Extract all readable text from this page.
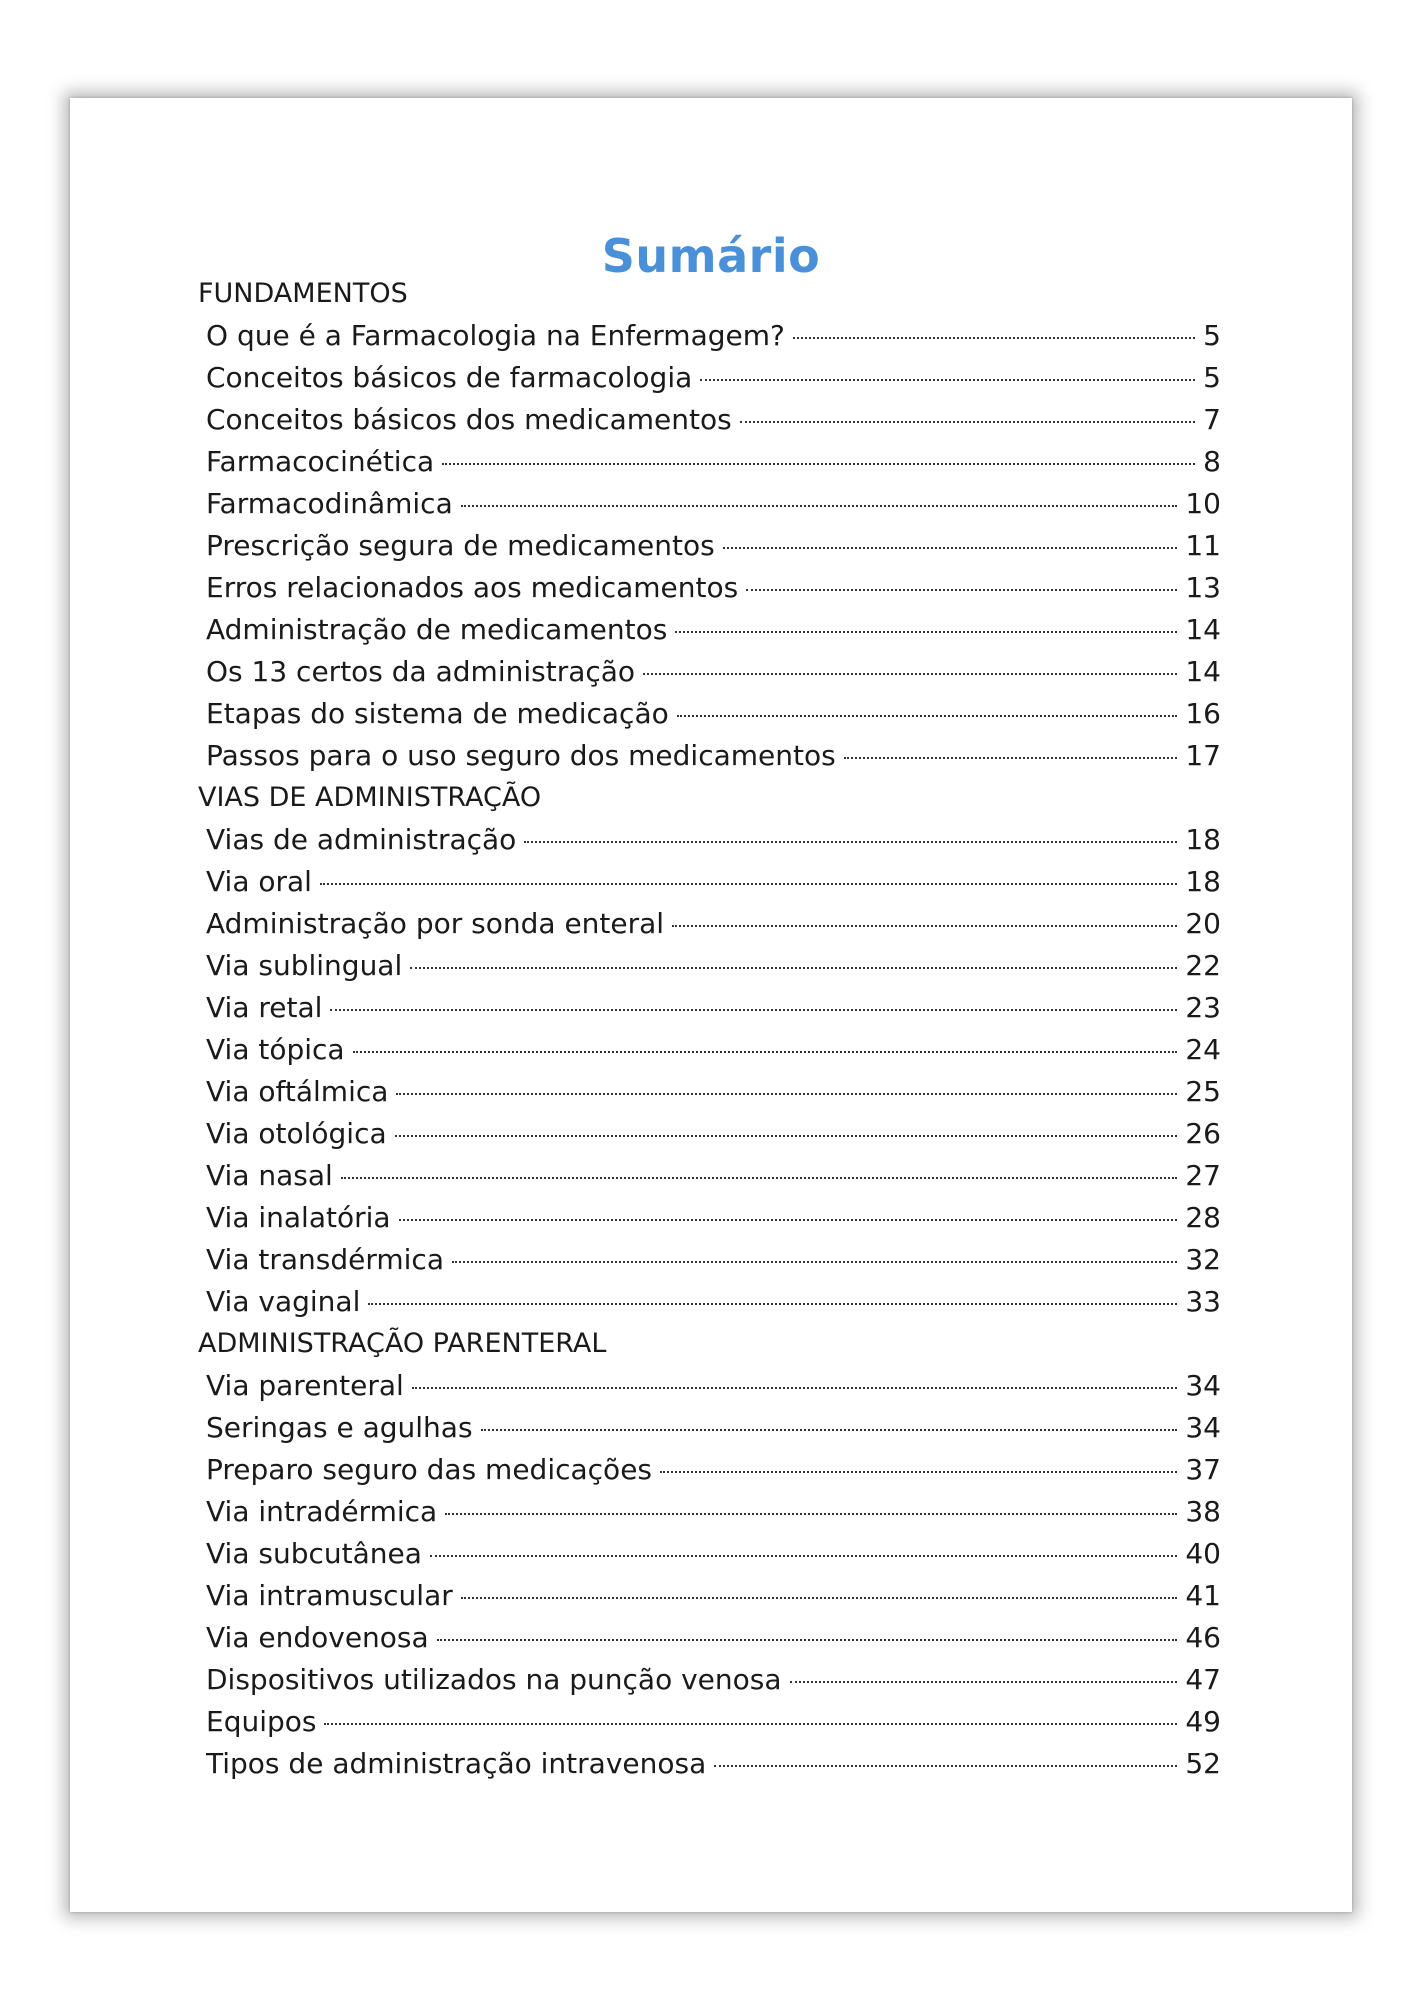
Sumário
FUNDAMENTOS
O que é a Farmacologia na Enfermagem?	5
Conceitos básicos de farmacologia	5
Conceitos básicos dos medicamentos	7
Farmacocinética	8
Farmacodinâmica	10
Prescrição segura de medicamentos	11
Erros relacionados aos medicamentos	13
Administração de medicamentos	14
Os 13 certos da administração	14
Etapas do sistema de medicação	16
Passos para o uso seguro dos medicamentos	17
VIAS DE ADMINISTRAÇÃO
Vias de administração	18
Via oral	18
Administração por sonda enteral	20
Via sublingual	22
Via retal	23
Via tópica	24
Via oftálmica	25
Via otológica	26
Via nasal	27
Via inalatória	28
Via transdérmica	32
Via vaginal	33
ADMINISTRAÇÃO PARENTERAL
Via parenteral	34
Seringas e agulhas	34
Preparo seguro das medicações	37
Via intradérmica	38
Via subcutânea	40
Via intramuscular	41
Via endovenosa	46
Dispositivos utilizados na punção venosa	47
Equipos	49
Tipos de administração intravenosa	52
